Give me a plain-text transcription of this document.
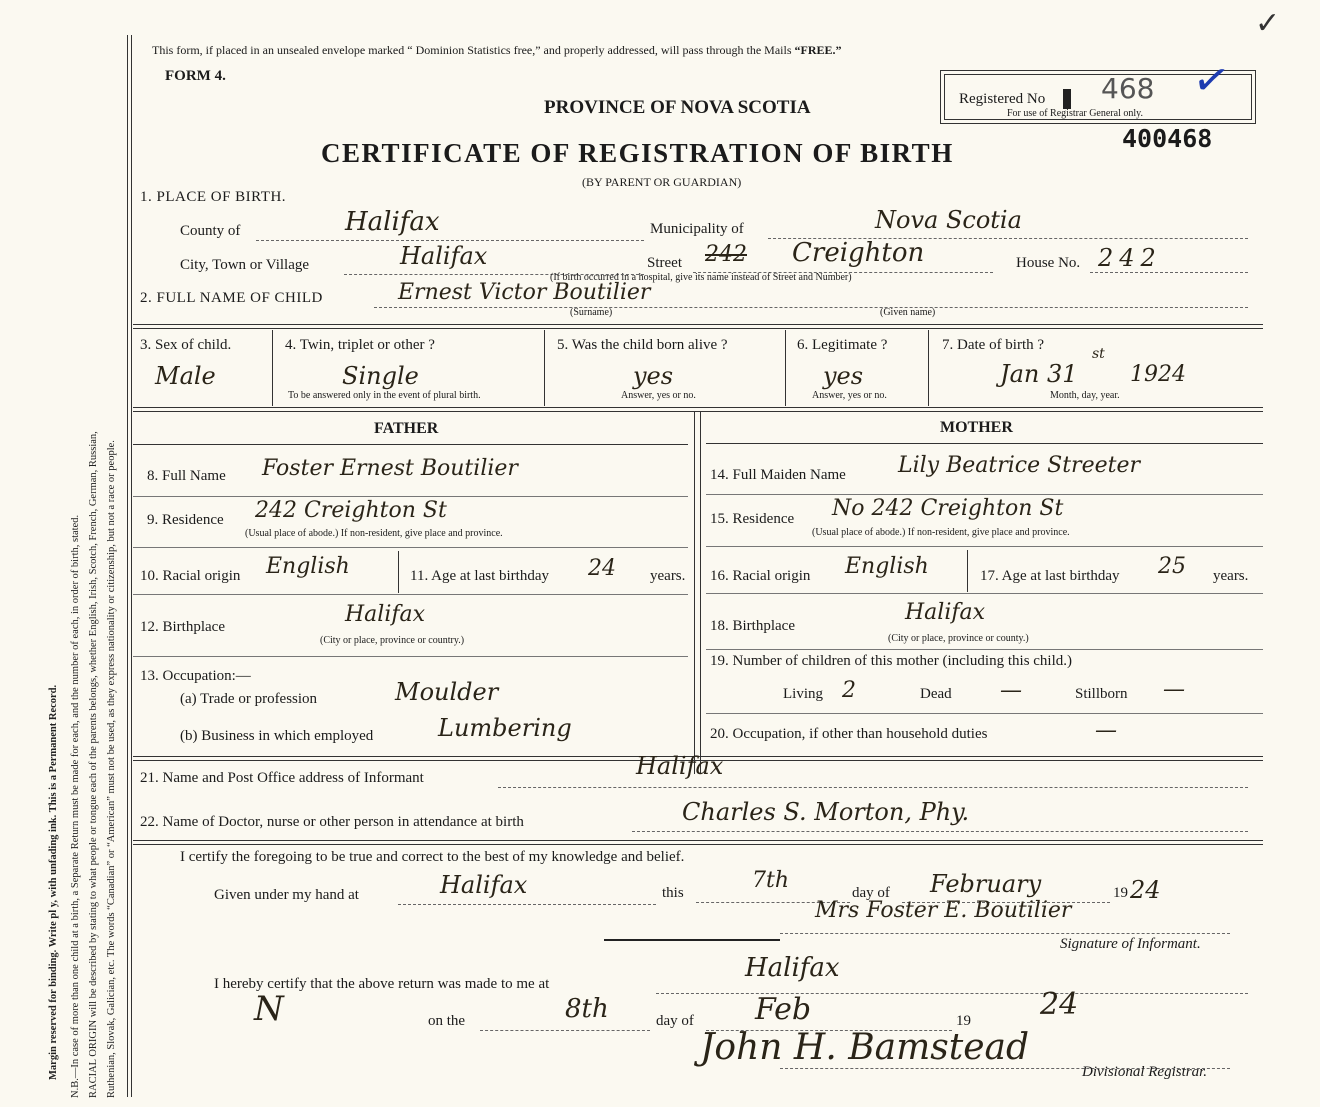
Ruthenian, Slovak, Galician, etc. The words “Canadian” or “American” must not be used, as they express nationality or citizenship, but not a race or people.
RACIAL ORIGIN will be described by stating to what people or tongue each of the parents belongs, whether English, Irish, Scotch, French, German, Russian,
N.B.—In case of more than one child at a birth, a Separate Return must be made for each, and the number of each, in order of birth, stated.
Margin reserved for binding. Write pl y, with unfading ink. This is a Permanent Record.
This form, if placed in an unsealed envelope marked “ Dominion Statistics free,” and properly addressed, will pass through the Mails “FREE.”
FORM 4.
PROVINCE OF NOVA SCOTIA
CERTIFICATE OF REGISTRATION OF BIRTH
(BY PARENT OR GUARDIAN)
Registered No 468
For use of Registrar General only.
✓
400468
✓
1. PLACE OF BIRTH.
County of	Halifax	Municipality of	Nova Scotia
City, Town or Village	Halifax	Street 242 Creighton	House No. 242
(If birth occurred in a hospital, give its name instead of Street and Number)
2. FULL NAME OF CHILD	Ernest Victor Boutilier
(Surname)	(Given name)
3. Sex of child.
Male
4. Twin, triplet or other ?
Single
To be answered only in the event of plural birth.
5. Was the child born alive ?
yes
Answer, yes or no.
6. Legitimate ?
yes
Answer, yes or no.
7. Date of birth ?
Jan 31
st
1924
Month, day, year.
FATHER	MOTHER
8. Full Name Foster Ernest Boutilier
9. Residence 242 Creighton St
(Usual place of abode.) If non-resident, give place and province.
10. Racial origin English	11. Age at last birthday 24 years.
12. Birthplace	Halifax
(City or place, province or country.)
13. Occupation:—
(a) Trade or profession	Moulder
(b) Business in which employed	Lumbering
14. Full Maiden Name Lily Beatrice Streeter
15. Residence No 242 Creighton St
(Usual place of abode.) If non-resident, give place and province.
16. Racial origin English	17. Age at last birthday 25 years.
18. Birthplace
Halifax
(City or place, province or county.)
19. Number of children of this mother (including this child.)
Living 2	Dead —	Stillborn —
20. Occupation, if other than household duties	—
21. Name and Post Office address of Informant	Halifax
22. Name of Doctor, nurse or other person in attendance at birth	Charles S. Morton, Phy.
I certify the foregoing to be true and correct to the best of my knowledge and belief.
Given under my hand at	Halifax	this	7th	day of February	19 24
Mrs Foster E. Boutilier
Signature of Informant.
I hereby certify that the above return was made to me at
Halifax
N	on the	8th	day of Feb	19 24
John H. Bamstead
Divisional Registrar.
